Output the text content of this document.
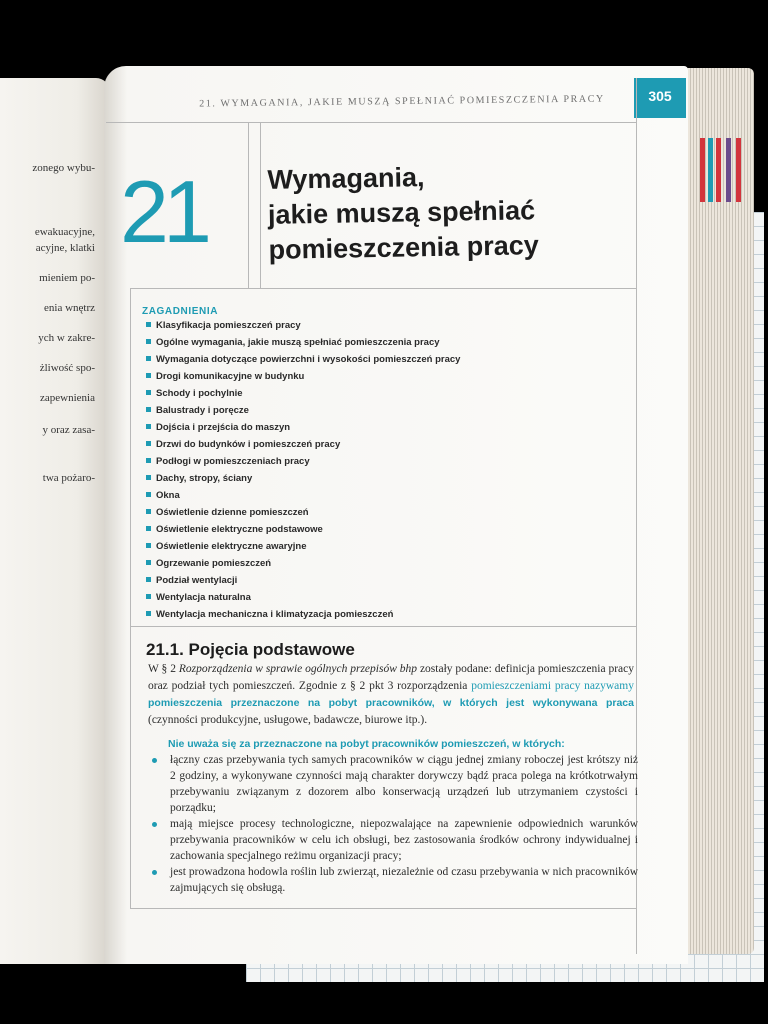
zonego wybu-
ewakuacyjne,
acyjne, klatki
mieniem po-
enia wnętrz
ych w zakre-
żliwość spo-
zapewnienia
y oraz zasa-
twa pożaro-
21. WYMAGANIA, JAKIE MUSZĄ SPEŁNIAĆ POMIESZCZENIA PRACY	305
21 Wymagania,
jakie muszą spełniać
pomieszczenia pracy
ZAGADNIENIA
Klasyfikacja pomieszczeń pracy
Ogólne wymagania, jakie muszą spełniać pomieszczenia pracy
Wymagania dotyczące powierzchni i wysokości pomieszczeń pracy
Drogi komunikacyjne w budynku
Schody i pochylnie
Balustrady i poręcze
Dojścia i przejścia do maszyn
Drzwi do budynków i pomieszczeń pracy
Podłogi w pomieszczeniach pracy
Dachy, stropy, ściany
Okna
Oświetlenie dzienne pomieszczeń
Oświetlenie elektryczne podstawowe
Oświetlenie elektryczne awaryjne
Ogrzewanie pomieszczeń
Podział wentylacji
Wentylacja naturalna
Wentylacja mechaniczna i klimatyzacja pomieszczeń
21.1. Pojęcia podstawowe

W § 2 Rozporządzenia w sprawie ogólnych przepisów bhp zostały podane: definicja pomieszczenia pracy oraz podział tych pomieszczeń. Zgodnie z § 2 pkt 3 rozporządzenia pomieszczeniami pracy nazywamy pomieszczenia przeznaczone na pobyt pracowników, w których jest wykonywana praca (czynności produkcyjne, usługowe, badawcze, biurowe itp.).

Nie uważa się za przeznaczone na pobyt pracowników pomieszczeń, w których:
łączny czas przebywania tych samych pracowników w ciągu jednej zmiany roboczej jest krótszy niż 2 godziny, a wykonywane czynności mają charakter dorywczy bądź praca polega na krótkotrwałym przebywaniu związanym z dozorem albo konserwacją urządzeń lub utrzymaniem czystości i porządku;
mają miejsce procesy technologiczne, niepozwalające na zapewnienie odpowiednich warunków przebywania pracowników w celu ich obsługi, bez zastosowania środków ochrony indywidualnej i zachowania specjalnego reżimu organizacji pracy;
jest prowadzona hodowla roślin lub zwierząt, niezależnie od czasu przebywania w nich pracowników zajmujących się obsługą.
